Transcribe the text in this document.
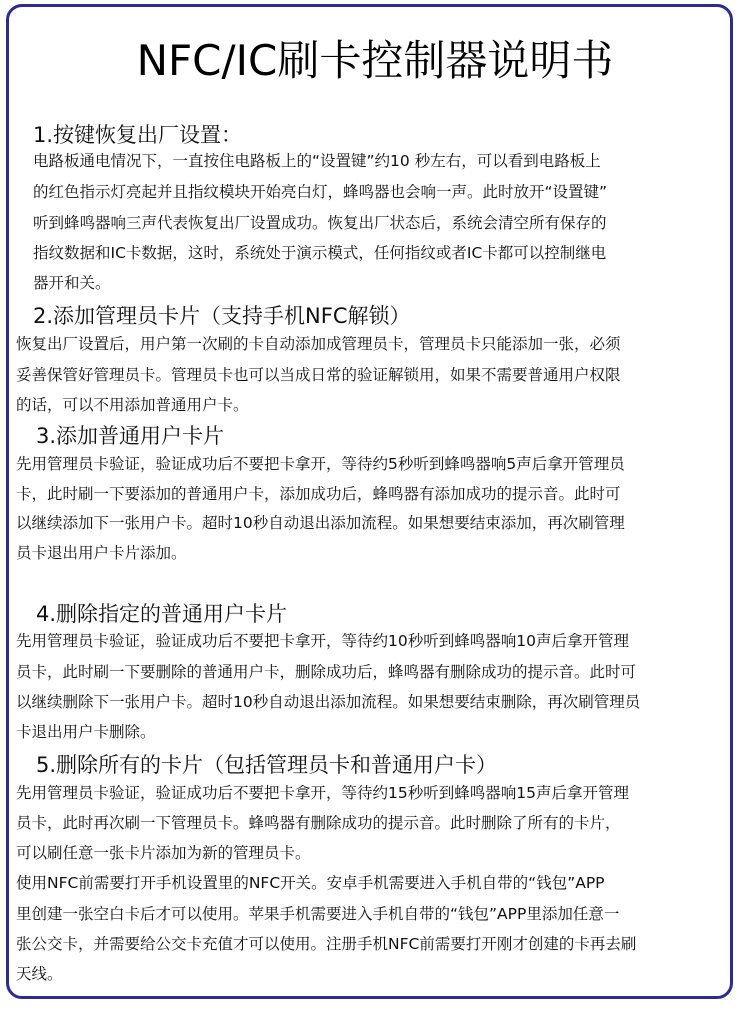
NFC/IC刷卡控制器说明书
1.按键恢复出厂设置：
电路板通电情况下，一直按住电路板上的“设置键”约10 秒左右，可以看到电路板上
的红色指示灯亮起并且指纹模块开始亮白灯，蜂鸣器也会响一声。此时放开“设置键”
听到蜂鸣器响三声代表恢复出厂设置成功。恢复出厂状态后，系统会清空所有保存的
指纹数据和IC卡数据，这时，系统处于演示模式，任何指纹或者IC卡都可以控制继电
器开和关。
2.添加管理员卡片（支持手机NFC解锁）
恢复出厂设置后，用户第一次刷的卡自动添加成管理员卡，管理员卡只能添加一张，必须
妥善保管好管理员卡。管理员卡也可以当成日常的验证解锁用，如果不需要普通用户权限
的话，可以不用添加普通用户卡。
3.添加普通用户卡片
先用管理员卡验证，验证成功后不要把卡拿开，等待约5秒听到蜂鸣器响5声后拿开管理员
卡，此时刷一下要添加的普通用户卡，添加成功后，蜂鸣器有添加成功的提示音。此时可
以继续添加下一张用户卡。超时10秒自动退出添加流程。如果想要结束添加，再次刷管理
员卡退出用户卡片添加。
4.删除指定的普通用户卡片
先用管理员卡验证，验证成功后不要把卡拿开，等待约10秒听到蜂鸣器响10声后拿开管理
员卡，此时刷一下要删除的普通用户卡，删除成功后，蜂鸣器有删除成功的提示音。此时可
以继续删除下一张用户卡。超时10秒自动退出添加流程。如果想要结束删除，再次刷管理员
卡退出用户卡删除。
5.删除所有的卡片（包括管理员卡和普通用户卡）
先用管理员卡验证，验证成功后不要把卡拿开，等待约15秒听到蜂鸣器响15声后拿开管理
员卡，此时再次刷一下管理员卡。蜂鸣器有删除成功的提示音。此时删除了所有的卡片，
可以刷任意一张卡片添加为新的管理员卡。
使用NFC前需要打开手机设置里的NFC开关。安卓手机需要进入手机自带的“钱包”APP
里创建一张空白卡后才可以使用。苹果手机需要进入手机自带的“钱包”APP里添加任意一
张公交卡，并需要给公交卡充值才可以使用。注册手机NFC前需要打开刚才创建的卡再去刷
天线。
